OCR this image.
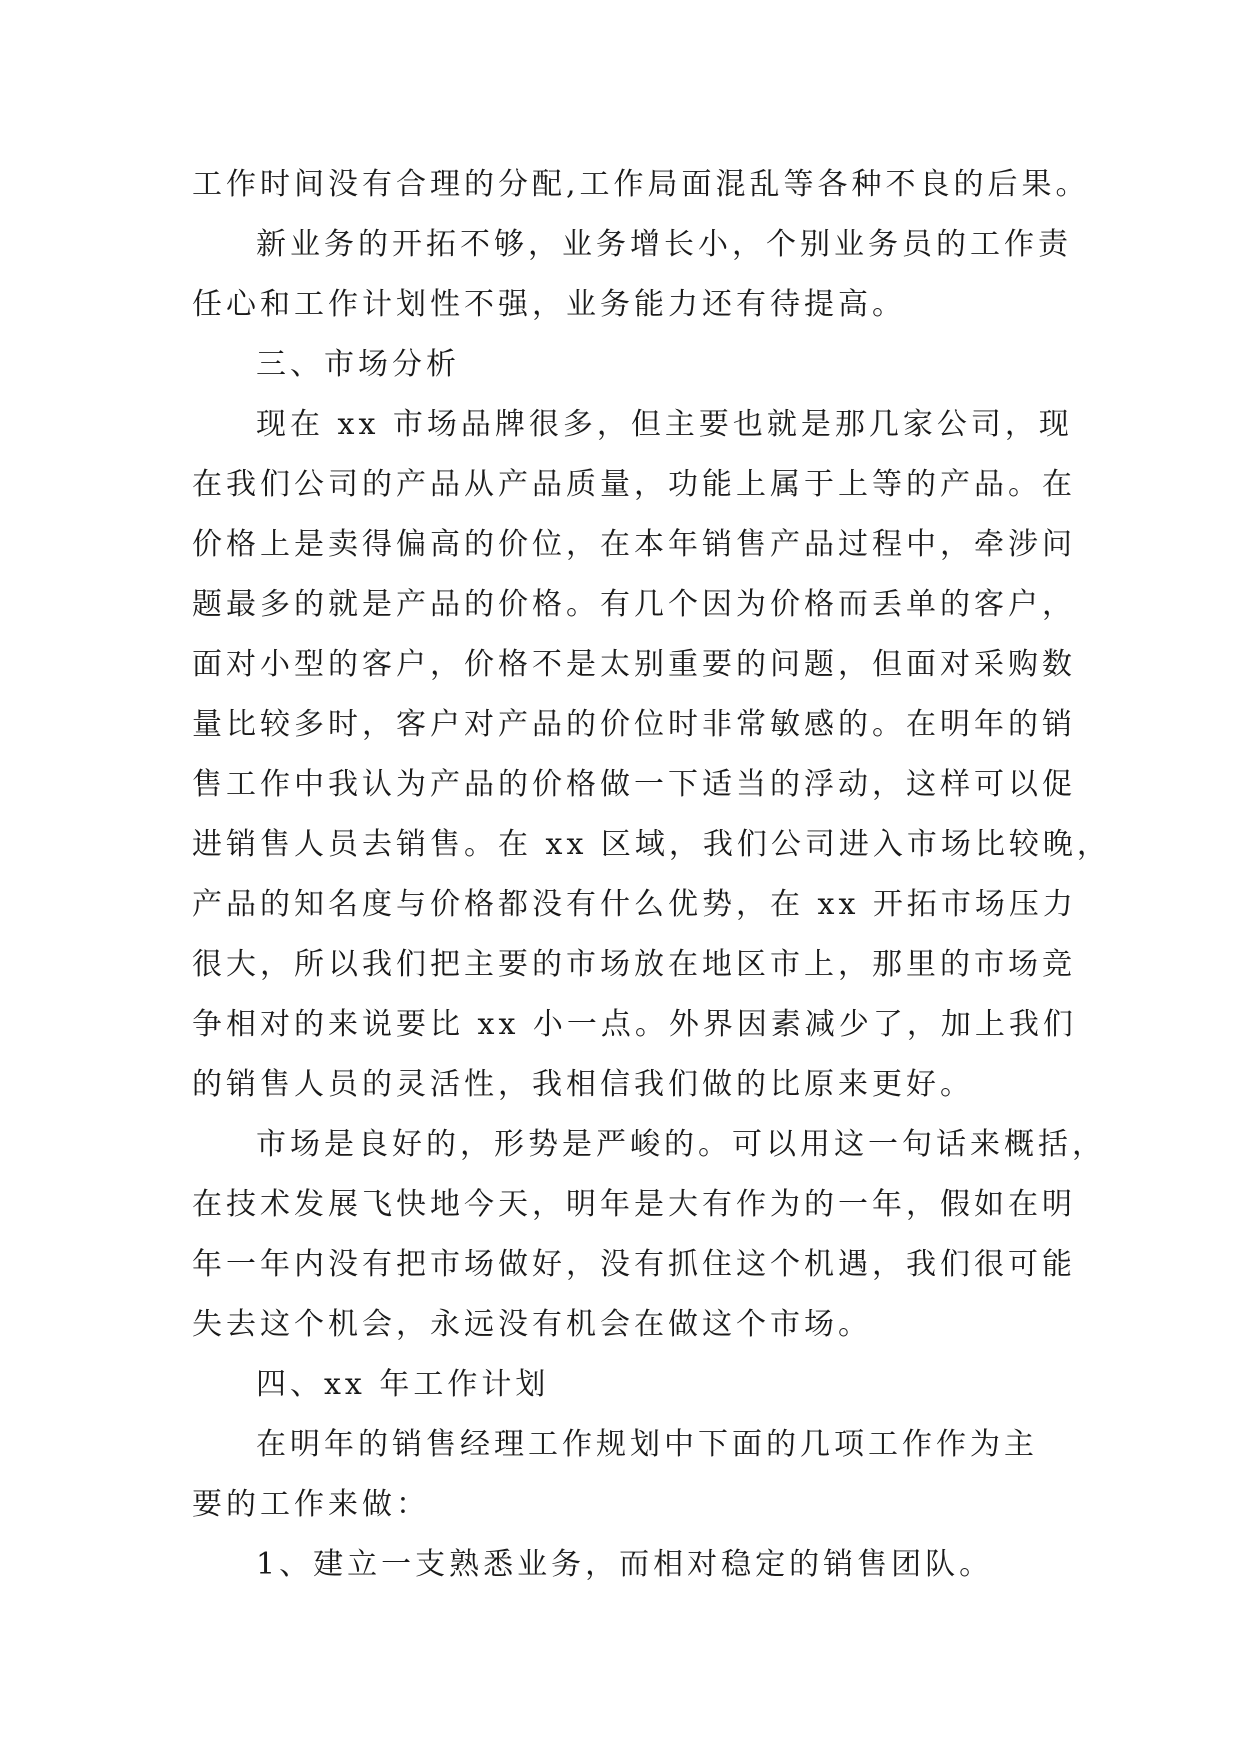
工作时间没有合理的分配,工作局面混乱等各种不良的后果。
新业务的开拓不够，业务增长小，个别业务员的工作责
任心和工作计划性不强，业务能力还有待提高。
三、市场分析
现在 xx 市场品牌很多，但主要也就是那几家公司，现
在我们公司的产品从产品质量，功能上属于上等的产品。在
价格上是卖得偏高的价位，在本年销售产品过程中，牵涉问
题最多的就是产品的价格。有几个因为价格而丢单的客户，
面对小型的客户，价格不是太别重要的问题，但面对采购数
量比较多时，客户对产品的价位时非常敏感的。在明年的销
售工作中我认为产品的价格做一下适当的浮动，这样可以促
进销售人员去销售。在 xx 区域，我们公司进入市场比较晚，
产品的知名度与价格都没有什么优势，在 xx 开拓市场压力
很大，所以我们把主要的市场放在地区市上，那里的市场竞
争相对的来说要比 xx 小一点。外界因素减少了，加上我们
的销售人员的灵活性，我相信我们做的比原来更好。
市场是良好的，形势是严峻的。可以用这一句话来概括，
在技术发展飞快地今天，明年是大有作为的一年，假如在明
年一年内没有把市场做好，没有抓住这个机遇，我们很可能
失去这个机会，永远没有机会在做这个市场。
四、xx 年工作计划
在明年的销售经理工作规划中下面的几项工作作为主
要的工作来做：
1、建立一支熟悉业务，而相对稳定的销售团队。
